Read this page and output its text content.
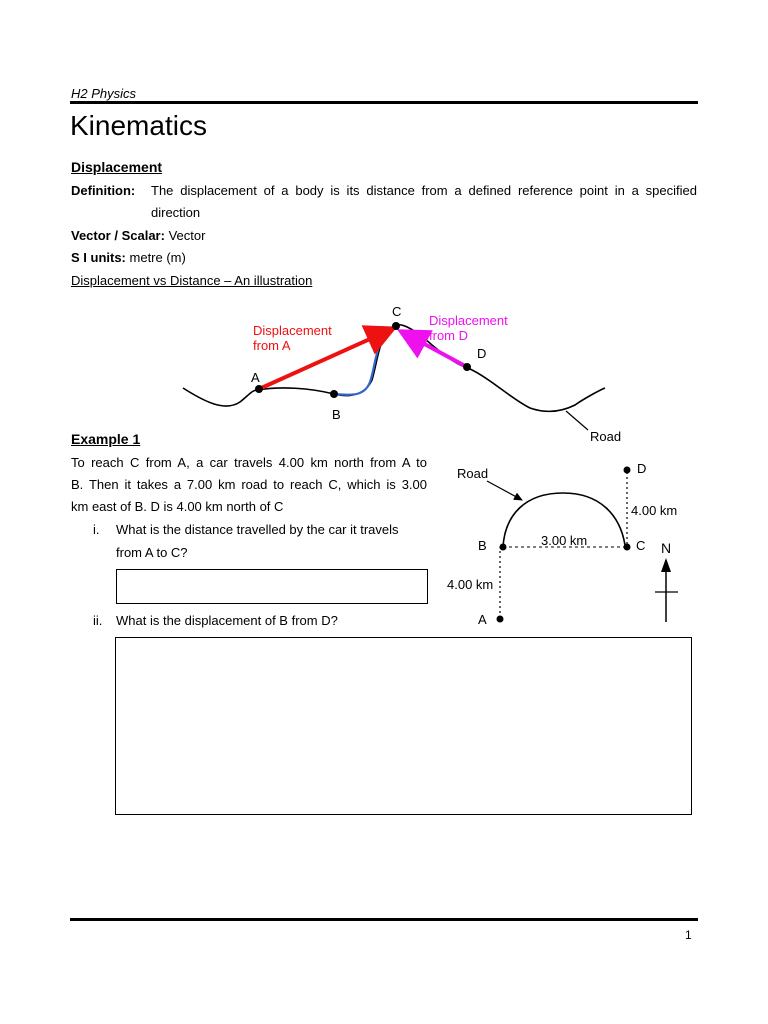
H2 Physics
Kinematics
Displacement
Definition: The displacement of a body is its distance from a defined reference point in a specified
direction
Vector / Scalar: Vector
S I units: metre (m)
Displacement vs Distance – An illustration
A
B
C
D
Displacement
from A
Displacement
from D
Road
Road
A
B	C
D
3.00 km
4.00 km
4.00 km
N
Example 1
To reach C from A, a car travels 4.00 km north from A to
B. Then it takes a 7.00 km road to reach C, which is 3.00
km east of B. D is 4.00 km north of C
i. What is the distance travelled by the car it travels
from A to C?
ii. What is the displacement of B from D?
1
